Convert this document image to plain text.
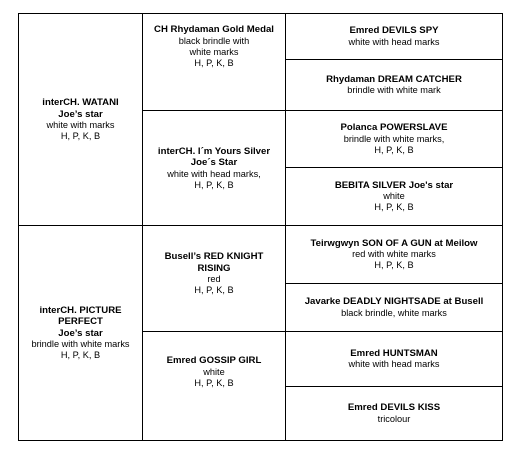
interCH. WATANI
Joe’s star
white with marks
H, P, K, B
interCH. PICTURE
PERFECT
Joe’s star
brindle with white marks
H, P, K, B
CH Rhydaman Gold Medal
black brindle with
white marks
H, P, K, B
interCH. I´m Yours Silver
Joe´s Star
white with head marks,
H, P, K, B
Busell’s RED KNIGHT
RISING
red
H, P, K, B
Emred GOSSIP GIRL
white
H, P, K, B
Emred DEVILS SPY
white with head marks
Rhydaman DREAM CATCHER
brindle with white mark
Polanca POWERSLAVE
brindle with white marks,
H, P, K, B
BEBITA SILVER Joe's star
white
H, P, K, B
Teirwgwyn SON OF A GUN at Meilow
red with white marks
H, P, K, B
Javarke DEADLY NIGHTSADE at Busell
black brindle, white marks
Emred HUNTSMAN
white with head marks
Emred DEVILS KISS
tricolour
